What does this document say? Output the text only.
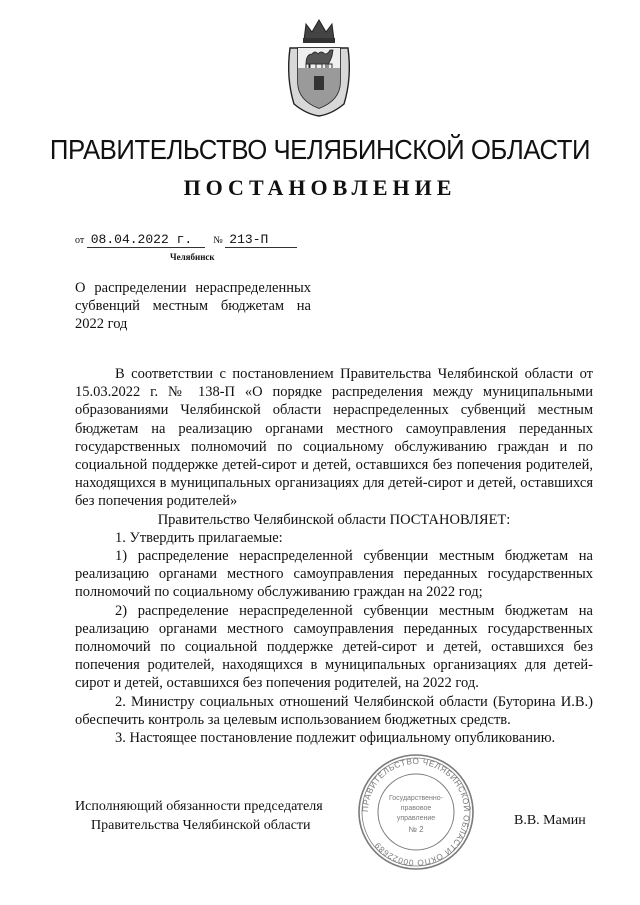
ПРАВИТЕЛЬСТВО ЧЕЛЯБИНСКОЙ ОБЛАСТИ
ПОСТАНОВЛЕНИЕ
от 08.04.2022 г. № 213-П
Челябинск
О распределении нераспределенных субвенций местным бюджетам на 2022 год

В соответствии с постановлением Правительства Челябинской области от 15.03.2022 г. № 138-П «О порядке распределения между муниципальными образованиями Челябинской области нераспределенных субвенций местным бюджетам на реализацию органами местного самоуправления переданных государственных полномочий по социальному обслуживанию граждан и по социальной поддержке детей-сирот и детей, оставшихся без попечения родителей, находящихся в муниципальных организациях для детей-сирот и детей, оставшихся без попечения родителей»

Правительство Челябинской области ПОСТАНОВЛЯЕТ:

1. Утвердить прилагаемые:

1) распределение нераспределенной субвенции местным бюджетам на реализацию органами местного самоуправления переданных государственных полномочий по социальному обслуживанию граждан на 2022 год;

2) распределение нераспределенной субвенции местным бюджетам на реализацию органами местного самоуправления переданных государственных полномочий по социальной поддержке детей-сирот и детей, оставшихся без попечения родителей, находящихся в муниципальных организациях для детей-сирот и детей, оставшихся без попечения родителей, на 2022 год.

2. Министру социальных отношений Челябинской области (Буторина И.В.) обеспечить контроль за целевым использованием бюджетных средств.

3. Настоящее постановление подлежит официальному опубликованию.

Исполняющий обязанности председателя
Правительства Челябинской области	В.В. Мамин
ПРАВИТЕЛЬСТВО ЧЕЛЯБИНСКОЙ ОБЛАСТИ ОКПО 00022689
Государственно-
правовое
управление
№ 2
